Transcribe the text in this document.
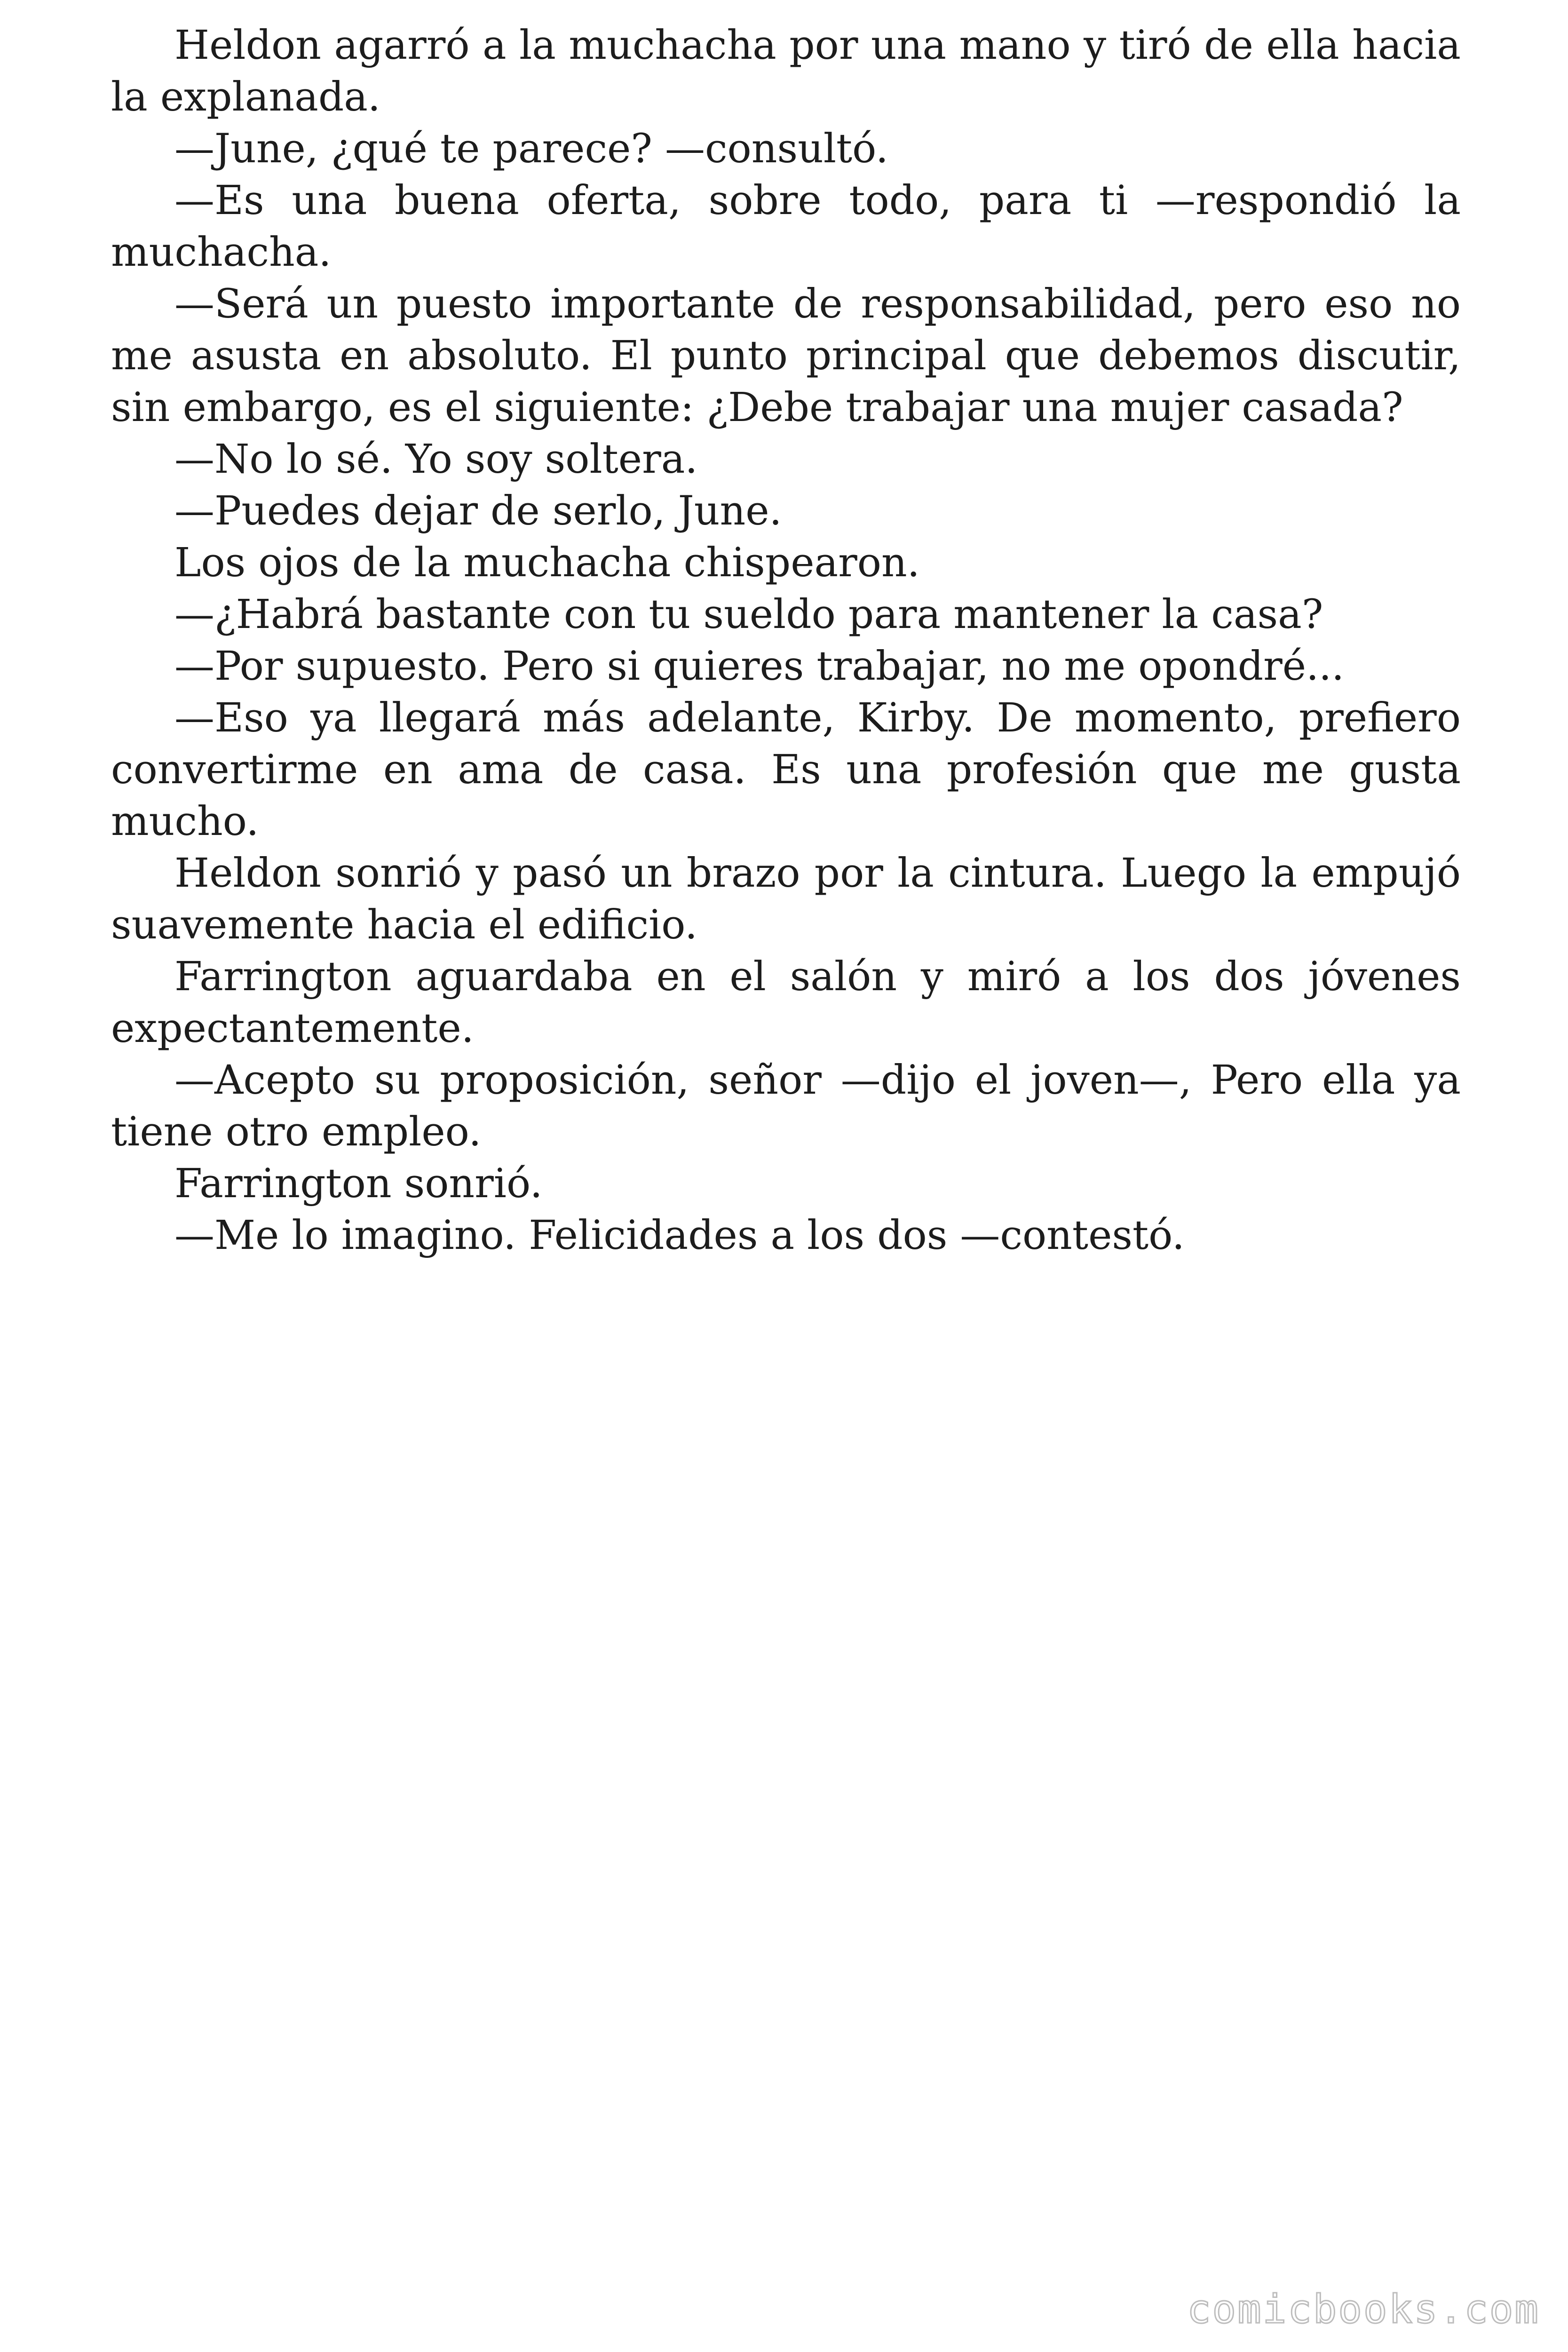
Heldon agarró a la muchacha por una mano y tiró de ella hacia la explanada.

—June, ¿qué te parece? —consultó.

—Es una buena oferta, sobre todo, para ti —respondió la muchacha.

—Será un puesto importante de responsabilidad, pero eso no me asusta en absoluto. El punto principal que debemos discutir, sin embargo, es el siguiente: ¿Debe trabajar una mujer casada?

—No lo sé. Yo soy soltera.

—Puedes dejar de serlo, June.

Los ojos de la muchacha chispearon.

—¿Habrá bastante con tu sueldo para mantener la casa?

—Por supuesto. Pero si quieres trabajar, no me opondré...

—Eso ya llegará más adelante, Kirby. De momento, prefiero convertirme en ama de casa. Es una profesión que me gusta mucho.

Heldon sonrió y pasó un brazo por la cintura. Luego la empujó suavemente hacia el edificio.

Farrington aguardaba en el salón y miró a los dos jóvenes expectantemente.

—Acepto su proposición, señor —dijo el joven—, Pero ella ya tiene otro empleo.

Farrington sonrió.

—Me lo imagino. Felicidades a los dos —contestó.

comicbooks.com
